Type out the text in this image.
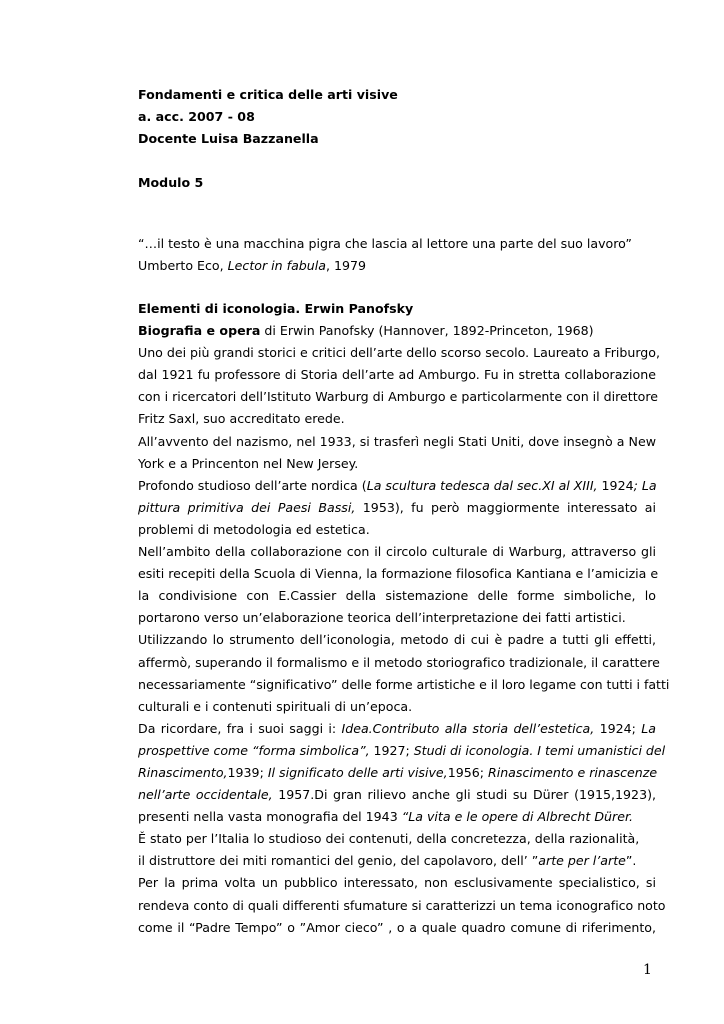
Fondamenti e critica delle arti visive
a. acc. 2007 - 08
Docente Luisa Bazzanella
Modulo 5
“…il testo è una macchina pigra che lascia al lettore una parte del suo lavoro”
Umberto Eco, Lector in fabula, 1979
Elementi di iconologia. Erwin Panofsky
Biografia e opera di Erwin Panofsky (Hannover, 1892-Princeton, 1968)
Uno dei più grandi storici e critici dell’arte dello scorso secolo. Laureato a Friburgo,
dal 1921 fu professore di Storia dell’arte ad Amburgo. Fu in stretta collaborazione
con i ricercatori dell’Istituto Warburg di Amburgo e particolarmente con il direttore
Fritz Saxl, suo accreditato erede.
All’avvento del nazismo, nel 1933, si trasferì negli Stati Uniti, dove insegnò a New
York e a Princenton nel New Jersey.
Profondo studioso dell’arte nordica (La scultura tedesca dal sec.XI al XIII, 1924; La
pittura primitiva dei Paesi Bassi, 1953), fu però maggiormente interessato ai
problemi di metodologia ed estetica.
Nell’ambito della collaborazione con il circolo culturale di Warburg, attraverso gli
esiti recepiti della Scuola di Vienna, la formazione filosofica Kantiana e l’amicizia e
la condivisione con E.Cassier della sistemazione delle forme simboliche, lo
portarono verso un’elaborazione teorica dell’interpretazione dei fatti artistici.
Utilizzando lo strumento dell’iconologia, metodo di cui è padre a tutti gli effetti,
affermò, superando il formalismo e il metodo storiografico tradizionale, il carattere
necessariamente “significativo” delle forme artistiche e il loro legame con tutti i fatti
culturali e i contenuti spirituali di un’epoca.
Da ricordare, fra i suoi saggi i: Idea.Contributo alla storia dell’estetica, 1924; La
prospettive come “forma simbolica”, 1927; Studi di iconologia. I temi umanistici del
Rinascimento,1939; Il significato delle arti visive,1956; Rinascimento e rinascenze
nell’arte occidentale, 1957.Di gran rilievo anche gli studi su Dürer (1915,1923),
presenti nella vasta monografia del 1943 “La vita e le opere di Albrecht Dürer.
Ě stato per l’Italia lo studioso dei contenuti, della concretezza, della razionalità,
il distruttore dei miti romantici del genio, del capolavoro, dell’ ”arte per l’arte”.
Per la prima volta un pubblico interessato, non esclusivamente specialistico, si
rendeva conto di quali differenti sfumature si caratterizzi un tema iconografico noto
come il “Padre Tempo” o ”Amor cieco” , o a quale quadro comune di riferimento,
1
